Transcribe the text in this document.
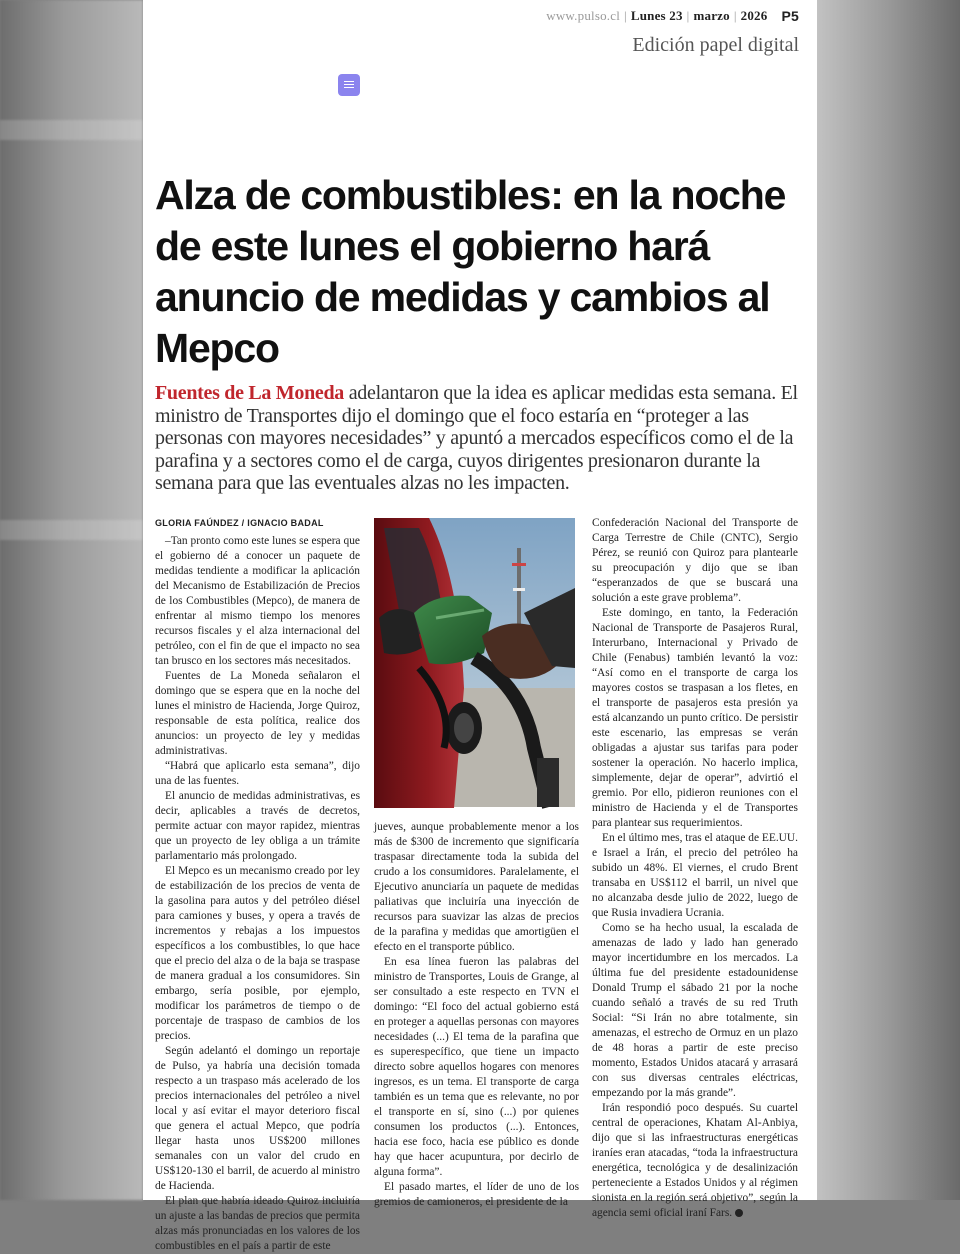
www.pulso.cl | Lunes 23 | marzo | 2026 P5
Edición papel digital
Alza de combustibles: en la noche de este lunes el gobierno hará anuncio de medidas y cambios al Mepco

Fuentes de La Moneda adelantaron que la idea es aplicar medidas esta semana. El ministro de Transportes dijo el domingo que el foco estaría en “proteger a las personas con mayores necesidades” y apuntó a mercados específicos como el de la parafina y a sectores como el de carga, cuyos dirigentes presionaron durante la semana para que las eventuales alzas no les impacten.

GLORIA FAÚNDEZ / IGNACIO BADAL

–Tan pronto como este lunes se espera que el gobierno dé a conocer un paquete de medidas tendiente a modificar la aplicación del Mecanismo de Estabilización de Precios de los Combustibles (Mepco), de manera de enfrentar al mismo tiempo los menores recursos fiscales y el alza internacional del petróleo, con el fin de que el impacto no sea tan brusco en los sectores más necesitados.

Fuentes de La Moneda señalaron el domingo que se espera que en la noche del lunes el ministro de Hacienda, Jorge Quiroz, responsable de esta política, realice dos anuncios: un proyecto de ley y medidas administrativas.

“Habrá que aplicarlo esta semana”, dijo una de las fuentes.

El anuncio de medidas administrativas, es decir, aplicables a través de decretos, permite actuar con mayor rapidez, mientras que un proyecto de ley obliga a un trámite parlamentario más prolongado.

El Mepco es un mecanismo creado por ley de estabilización de los precios de venta de la gasolina para autos y del petróleo diésel para camiones y buses, y opera a través de incrementos y rebajas a los impuestos específicos a los combustibles, lo que hace que el precio del alza o de la baja se traspase de manera gradual a los consumidores. Sin embargo, sería posible, por ejemplo, modificar los parámetros de tiempo o de porcentaje de traspaso de cambios de los precios.

Según adelantó el domingo un reportaje de Pulso, ya habría una decisión tomada respecto a un traspaso más acelerado de los precios internacionales del petróleo a nivel local y así evitar el mayor deterioro fiscal que genera el actual Mepco, que podría llegar hasta unos US$200 millones semanales con un valor del crudo en US$120-130 el barril, de acuerdo al ministro de Hacienda.

El plan que habría ideado Quiroz incluiría un ajuste a las bandas de precios que permita alzas más pronunciadas en los valores de los combustibles en el país a partir de este

jueves, aunque probablemente menor a los más de $300 de incremento que significaría traspasar directamente toda la subida del crudo a los consumidores. Paralelamente, el Ejecutivo anunciaría un paquete de medidas paliativas que incluiría una inyección de recursos para suavizar las alzas de precios de la parafina y medidas que amortigüen el efecto en el transporte público.

En esa línea fueron las palabras del ministro de Transportes, Louis de Grange, al ser consultado a este respecto en TVN el domingo: “El foco del actual gobierno está en proteger a aquellas personas con mayores necesidades (...) El tema de la parafina que es superespecífico, que tiene un impacto directo sobre aquellos hogares con menores ingresos, es un tema. El transporte de carga también es un tema que es relevante, no por el transporte en sí, sino (...) por quienes consumen los productos (...). Entonces, hacia ese foco, hacia ese público es donde hay que hacer acupuntura, por decirlo de alguna forma”.

El pasado martes, el líder de uno de los gremios de camioneros, el presidente de la

Confederación Nacional del Transporte de Carga Terrestre de Chile (CNTC), Sergio Pérez, se reunió con Quiroz para plantearle su preocupación y dijo que se iban “esperanzados de que se buscará una solución a este grave problema”.

Este domingo, en tanto, la Federación Nacional de Transporte de Pasajeros Rural, Interurbano, Internacional y Privado de Chile (Fenabus) también levantó la voz: “Así como en el transporte de carga los mayores costos se traspasan a los fletes, en el transporte de pasajeros esta presión ya está alcanzando un punto crítico. De persistir este escenario, las empresas se verán obligadas a ajustar sus tarifas para poder sostener la operación. No hacerlo implica, simplemente, dejar de operar”, advirtió el gremio. Por ello, pidieron reuniones con el ministro de Hacienda y el de Transportes para plantear sus requerimientos.

En el último mes, tras el ataque de EE.UU. e Israel a Irán, el precio del petróleo ha subido un 48%. El viernes, el crudo Brent transaba en US$112 el barril, un nivel que no alcanzaba desde julio de 2022, luego de que Rusia invadiera Ucrania.

Como se ha hecho usual, la escalada de amenazas de lado y lado han generado mayor incertidumbre en los mercados. La última fue del presidente estadounidense Donald Trump el sábado 21 por la noche cuando señaló a través de su red Truth Social: “Si Irán no abre totalmente, sin amenazas, el estrecho de Ormuz en un plazo de 48 horas a partir de este preciso momento, Estados Unidos atacará y arrasará con sus diversas centrales eléctricas, empezando por la más grande”.

Irán respondió poco después. Su cuartel central de operaciones, Khatam Al-Anbiya, dijo que si las infraestructuras energéticas iraníes eran atacadas, “toda la infraestructura energética, tecnológica y de desalinización perteneciente a Estados Unidos y al régimen sionista en la región será objetivo”, según la agencia semi oficial iraní Fars.
